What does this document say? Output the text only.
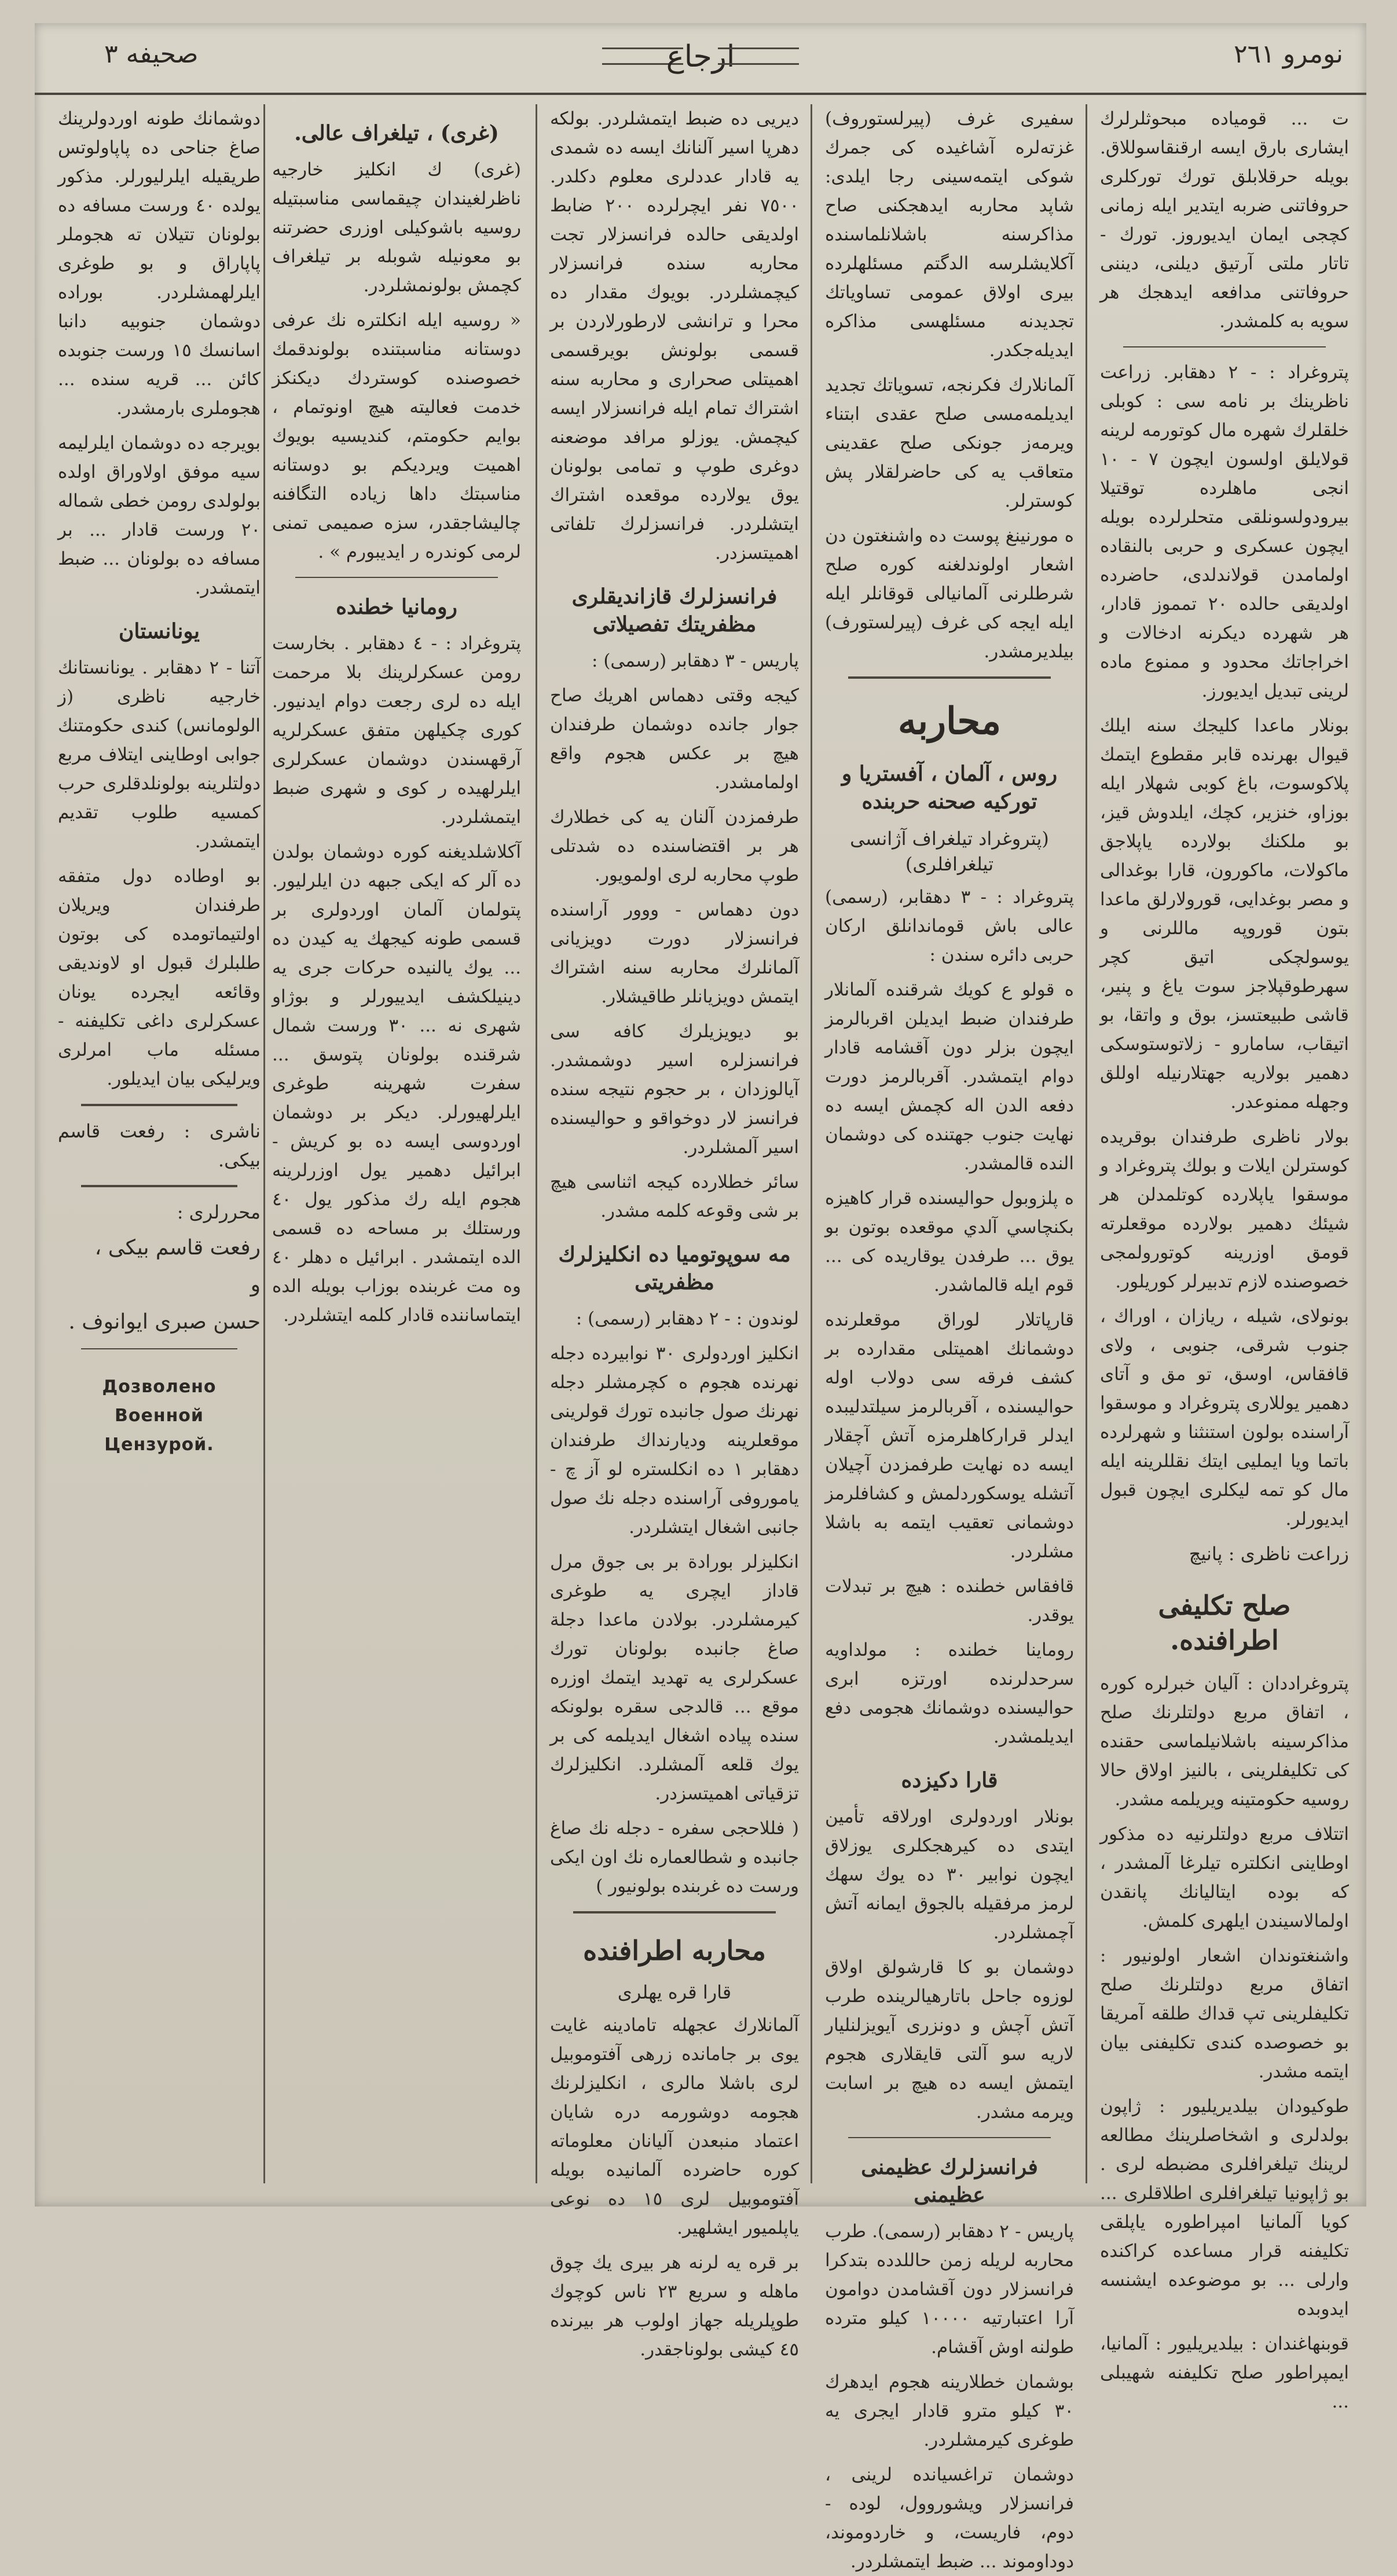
نومرو ٢٦١
ارجاع
صحيفه ٣

ت‌ ... قومياده مبحوثلرلرك ايشارى بارق ايسه ارقنقاسوللاق. بويله حرقلابلق تورك توركلرى حروفاتنى ضربه ايتدير ايله زمانى كچجى ايمان ايديوروز. تورك - تاتار ملتى آرتيق ديلنى، ديننى حروفاتنى مدافعه ايدهجك هر سويه به كلمشدر.

پتروغراد : - ٢ دهقابر. زراعت ناظرينك بر نامه سى : كوبلى خلقلرك شهره مال كوتورمه لرينه قولايلق اولسون ايچون ٧ - ١٠ انجى ماهلرده توقتيلا بيرودولسونلقى متحلرلرده بويله ايچون عسكرى و حربى بالنقاده اولمامدن قولاندلدى، حاضرده اولديقى حالده ٢٠ تمموز قادار، هر شهرده ديكرنه ادخالات و اخراجاتك محدود و ممنوع ماده لرينى تبديل ايديورز.

بونلار ماعدا كليجك سنه ايلك قيوال بهرنده قابر مقطوع ايتمك پلاكوسوت، باغ كوبى شهلار ايله بوزاو، خنزير، كچك، ايلدوش قيز، بو ملكنك بولارده ياپلاجق ماكولات، ماكورون، قارا بوغدالى و مصر بوغدايى، قورولارلق ماعدا بتون قوروپه ماللرنى و يوسولچكى اتيق كچر سهرطوقپلاجز سوت ياغ و پنير، قاشى طبيعتسز، بوق و واتقا، بو اتيقاب، سامارو - زلاتوستوسكى دهمير بولاريه جهتلارنيله اوللق وجهله ممنوعدر.

بولار ناظرى طرفندان بوقريده كوسترلن ايلات و بولك پتروغراد و موسقوا ياپلارده كوتلمدلن هر شيئك دهمير بولارده موقعلرته قومق اوزرينه كوتورولمجى خصوصنده لازم تدبيرلر كوريلور.

بونولاى، شيله ، ريازان ، اوراك ، جنوب شرقى، جنوبى ، ولاى قافقاس، اوسق، تو مق و آتاى دهمير يوللارى پتروغراد و موسقوا آراسنده بولون استنثنا و شهرلرده باتما ويا ايمليى ايتك نقللرينه ايله مال كو تمه ليكلرى ايچون قبول ايديورلر.

زراعت ناظرى : پانيچ

صلح تكليفى اطرافنده.

پتروغراددان : آليان خبرلره كوره ، اتفاق مربع دولتلرنك صلح مذاكرسينه باشلانيلماسى حقنده كى تكليفلرينى ، بالنيز اولاق حالا روسيه حكومتينه ويريلمه مشدر.

اتتلاف مربع دولتلرنيه ده مذكور اوطاينى انكلتره تيلرغا آلمشدر ، كه بوده ايتاليانك پانقدن اولمالاسيندن ايلهرى كلمش.

واشنغتوندان اشعار اولونيور : اتفاق مربع دولتلرنك صلح تكليفلرينى تپ قداك طلقه آمريقا بو خصوصده كندى تكليفنى بيان ايتمه مشدر.

طوكيودان بيلديريليور : ژاپون بولدلرى و اشخاصلرينك مطالعه لرينك تيلغرافلرى مضبطه لرى . بو ژاپونيا تيلغرافلرى اطلاقلرى ... كويا آلمانيا امپراطوره ياپلقى تكليفنه قرار مساعده كراكنده وارلى ... بو موضوعده ايشنسه ايدوبده

قوبنهاغندان : بيلديريليور : آلمانيا، ايمپراطور صلح تكليفنه شهيبلى ...

سفيرى غرف (پيرلستوروف) غزته‌لره آشاغيده كى جمرك شوكى ايتمه‌سينى رجا ايلدى: شاپد محاربه ايدهجكنى صاح مذاكرسنه باشلانلماسنده آكلايشلرسه الدگتم مسئلهلرده بيرى اولاق عمومى تساوياتك تجديدنه مسئلهسى مذاكره ايديله‌جكدر.

آلمانلارك فكرنجه، تسوياتك تجديد ايديلمه‌مسى صلح عقدى ابتناء ويرمه‌ز جونكى صلح عقدينى متعاقب يه كى حاضرلقلار پش كوسترلر.

ه مورنينغ پوست ده واشنغتون دن اشعار اولوندلغنه كوره صلح شرطلرنى آلمانيالى قوقانلر ايله ايله ايجه كى غرف (پيرلستورف) بيلديرمشدر.

محاربه
روس ، آلمان ، آفستريا و توركيه صحنه حربنده
(پتروغراد تيلغراف آژانسى تيلغرافلرى)

پتروغراد : - ٣ دهقابر، (رسمى) عالى باش قوماندانلق اركان حربى دائره سندن :

ه قولو ع كويك شرقنده آلمانلار طرفندان ضبط ايديلن اقربالرمز ايچون بزلر دون آقشامه قادار دوام ايتمشدر. آقربالرمز دورت دفعه الدن اله كچمش ايسه ده نهايت جنوب جهتنده كى دوشمان النده قالمشدر.

ه پلزوبول حواليسنده قرار كاهيزه بكنچاسي آلدي موقعده بوتون بو يوق ... طرفدن يوقاريده كى ... قوم ايله قالماشدر.

قارپاتلار لوراق موقعلرنده دوشمانك اهميتلى مقدارده بر كشف فرقه سى دولاب اوله حواليسنده ، آقربالرمز سيلتدليبده ايدلر قراركاهلرمزه آتش آچقلار ايسه ده نهايت طرفمزدن آچيلان آتشله يوسكوردلمش و كشافلرمز دوشمانى تعقيب ايتمه به باشلا مشلردر.

قافقاس خطنده : هيچ بر تبدلات يوقدر.

روماينا خطنده : مولداويه سرحدلرنده اورتزه ابرى حواليسنده دوشمانك هجومى دفع ايديلمشدر.

قارا دكيزده

بونلار اوردولرى اورلاقه تأمين ايتدى ده كيرهجكلرى يوزلاق ايچون نوابير ٣٠ ده يوك سهك لرمز مرفقيله بالجوق ايمانه آتش آچمشلردر.

دوشمان بو كا قارشولق اولاق لوزوه جاحل باتارهيالرينده طرب آتش آچش و دونزرى آيويزلنليار لاريه سو آلتى قايقلارى هجوم ايتمش ايسه ده هيچ بر اسابت ويرمه مشدر.

فرانسزلرك عظيمنى عظيمنى

پاريس - ٢ دهقابر (رسمى). طرب محاربه لريله زمن حاللدده بتدكرا فرانسزلار دون آقشامدن دوامون آرا اعتبارتيه ١٠٠٠٠ كيلو مترده طولنه اوش آقشام.

بوشمان خطلارينه هجوم ايدهرك ٣٠ كيلو مترو قادار ايجرى يه طوغرى كيرمشلردر.

دوشمان تراغسيانده لرينى ، فرانسزلار ويشوروول، لوده - دوم، فاريست، و خاردوموند، دوداوموند ... ضبط ايتمشلردر.

ديريى ده ضبط ايتمشلردر. بولكه دهرپا اسير آلنانك ايسه ده شمدى يه قادار عددلرى معلوم دكلدر. ٧٥٠٠ نفر ايچرلرده ٢٠٠ ضابط اولديقى حالده فرانسزلار تجت محاربه سنده فرانسزلار كيچمشلردر. بويوك مقدار ده محرا و ترانشى لارطورلاردن بر قسمى بولونش بويرقسمى اهميتلى صحرارى و محاربه سنه اشتراك تمام ايله فرانسزلار ايسه كيچمش. يوزلو مرافد موضعنه دوغرى طوپ و تمامى بولونان يوق يولارده موقعده اشتراك ايتشلردر. فرانسزلرك تلفاتى اهميتسزدر.

فرانسزلرك قازانديقلرى مظفريتك تفصيلاتى

پاريس - ٣ دهقابر (رسمى) :

كيجه وقتى دهماس اهريك صاح جوار جانده دوشمان طرفندان هيچ بر عكس هجوم واقع اولمامشدر.

طرفمزدن آلنان يه كى خطلارك هر بر اقتضاسنده ده شدتلى طوپ محاربه لرى اولمويور.

دون دهماس - ووور آراسنده فرانسزلار دورت دويزيانى آلمانلرك محاربه سنه اشتراك ايتمش دويزيانلر طاقيشلار.

بو ديويزيلرك كافه سى فرانسزلره اسير دوشمشدر. آيالوزدان ، بر حجوم نتيجه سنده فرانسز لار دوخواقو و حواليسنده اسير آلمشلردر.

سائر خطلارده كيجه اثناسى هيچ بر شى وقوعه كلمه مشدر.

مه سوپوتوميا ده انكليزلرك مظفريتى

لوندون : - ٢ دهقابر (رسمى) :

انكليز اوردولرى ٣٠ نوابيرده دجله نهرنده هجوم ه كچرمشلر دجله نهرنك صول جانبده تورك قولرينى موقعلرينه وديارنداك طرفندان دهقابر ١ ده انكلستره لو آز چ - ياموروفى آراسنده دجله نك صول جانبى اشغال ايتشلردر.

انكليزلر بورادة بر بى جوق مرل قاداز ايچرى يه طوغرى كيرمشلردر. بولادن ماعدا دجلة صاغ جانبده بولونان تورك عسكرلرى يه تهديد ايتمك اوزره موقع ... قالدجى سقره بولونكه سنده پياده اشغال ايديلمه كى بر يوك قلعه آلمشلرد. انكليزلرك تزقياتى اهميتسزدر.

( فللاحجى سفره - دجله نك صاغ جانبده و شطالعماره نك اون ايكى ورست ده غربنده بولونيور )

محاربه اطرافنده
قارا قره يهلرى

آلمانلارك عجهله تامادينه غايت يوى بر جامانده زرهى آفتوموبيل لرى باشلا مالرى ، انكليزلرنك هجومه دوشورمه دره شايان اعتماد منبعدن آليانان معلوماته كوره حاضرده آلمانيده بويله آفتوموبيل لرى ١٥ ده نوعى ياپلميور ايشلهير.

بر قره يه لرنه هر بيرى يك چوق ماهله و سريع ٢٣ ناس كوچوك طوپلريله جهاز اولوب هر بيرنده ٤٥ كيشى بولوناجقدر.

(غرى) ، تيلغراف عالى.

(غرى) ك انكليز خارجيه ناظرلغيندان چيقماسى مناسبتيله روسيه باشوكيلى اوزرى حضرتنه بو معونيله شوبله بر تيلغراف كچمش بولونمشلردر.

« روسيه ايله انكلتره نك عرفى دوستانه مناسبتنده بولوندقمك خصوصنده كوستردك ديكنكز خدمت فعاليته هيچ اونوتمام ، بوايم حكومتم، كنديسيه بويوك اهميت ويرديكم بو دوستانه مناسبتك داها زياده التگافنه چاليشاجقدر، سزه صميمى تمنى لرمى كوندره ر ايديبورم » .

رومانيا خطنده

پتروغراد : - ٤ دهقابر . بخارست رومن عسكرلرينك بلا مرحمت ايله ده لرى رجعت دوام ايدنيور. كورى چكيلهن متفق عسكرلريه آرقهسندن دوشمان عسكرلرى ايلرلهيده ر كوى و شهرى ضبط ايتمشلردر.

آكلاشلديغنه كوره دوشمان بولدن ده آلر كه ايكى جبهه دن ايلرليور. پتولمان آلمان اوردولرى بر قسمى طونه كيجهك يه كيدن ده ... يوك يالنيده حركات جرى يه دينيلكشف ايدييورلر و بوژاو شهرى نه ... ٣٠ ورست شمال شرقنده بولونان پتوسق ... سفرت شهرينه طوغرى ايلرلهيورلر. ديكر بر دوشمان اوردوسى ايسه ده بو كريش - ابرائيل دهمير يول اوزرلرينه هجوم ايله رك مذكور يول ٤٠ ورستلك بر مساحه ده قسمى الده ايتمشدر . ابرائيل ه دهلر ٤٠ وه مت غربنده بوزاب بويله الده ايتماساننده قادار كلمه ايتشلردر.

دوشمانك طونه اوردولرينك صاغ جناحى ده پاپاولوتس طريقيله ايلرليورلر. مذكور يولده ٤٠ ورست مسافه ده بولونان تتيلان ته هجوملر پاپاراق و بو طوغرى ايلرلهمشلردر. بوراده دوشمان جنوبيه دانبا اسانسك ١٥ ورست جنوبده كائن ... قريه سنده ... هجوملرى بارمشدر.

بويرجه ده دوشمان ايلرليمه سيه موفق اولاوراق اولده بولولدى رومن خطى شماله ٢٠ ورست قادار ... بر مسافه ده بولونان ... ضبط ايتمشدر.

يونانستان

آتنا - ٢ دهقابر . يونانستانك خارجيه ناظرى (ز الولومانس) كندى حكومتنك جوابى اوطاينى ايتلاف مربع دولتلرينه بولونلدقلرى حرب كمسيه طلوب تقديم ايتمشدر.

بو اوطاده دول متفقه طرفندان ويريلان اولتيماتومده كى بوتون طلبلرك قبول او لاونديقى وقائعه ايجرده يونان عسكرلرى داغى تكليفنه - مسئله ماب امرلرى ويرليكى بيان ايديلور.

ناشرى : رفعت قاسم بيكى.

محررلرى :

رفعت قاسم بيكى ،

و

حسن صبرى ايوانوف .

Дозволено Военной Цензурой.
